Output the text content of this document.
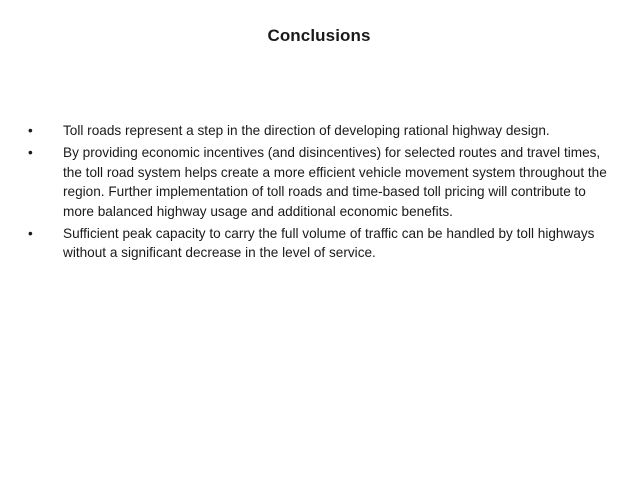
Conclusions
•	Toll roads represent a step in the direction of developing rational highway design.
•	By providing economic incentives (and disincentives) for selected routes and travel times, the toll road system helps create a more efficient vehicle movement system throughout the region. Further implementation of toll roads and time-based toll pricing will contribute to more balanced highway usage and additional economic benefits.
•	Sufficient peak capacity to carry the full volume of traffic can be handled by toll highways without a significant decrease in the level of service.
